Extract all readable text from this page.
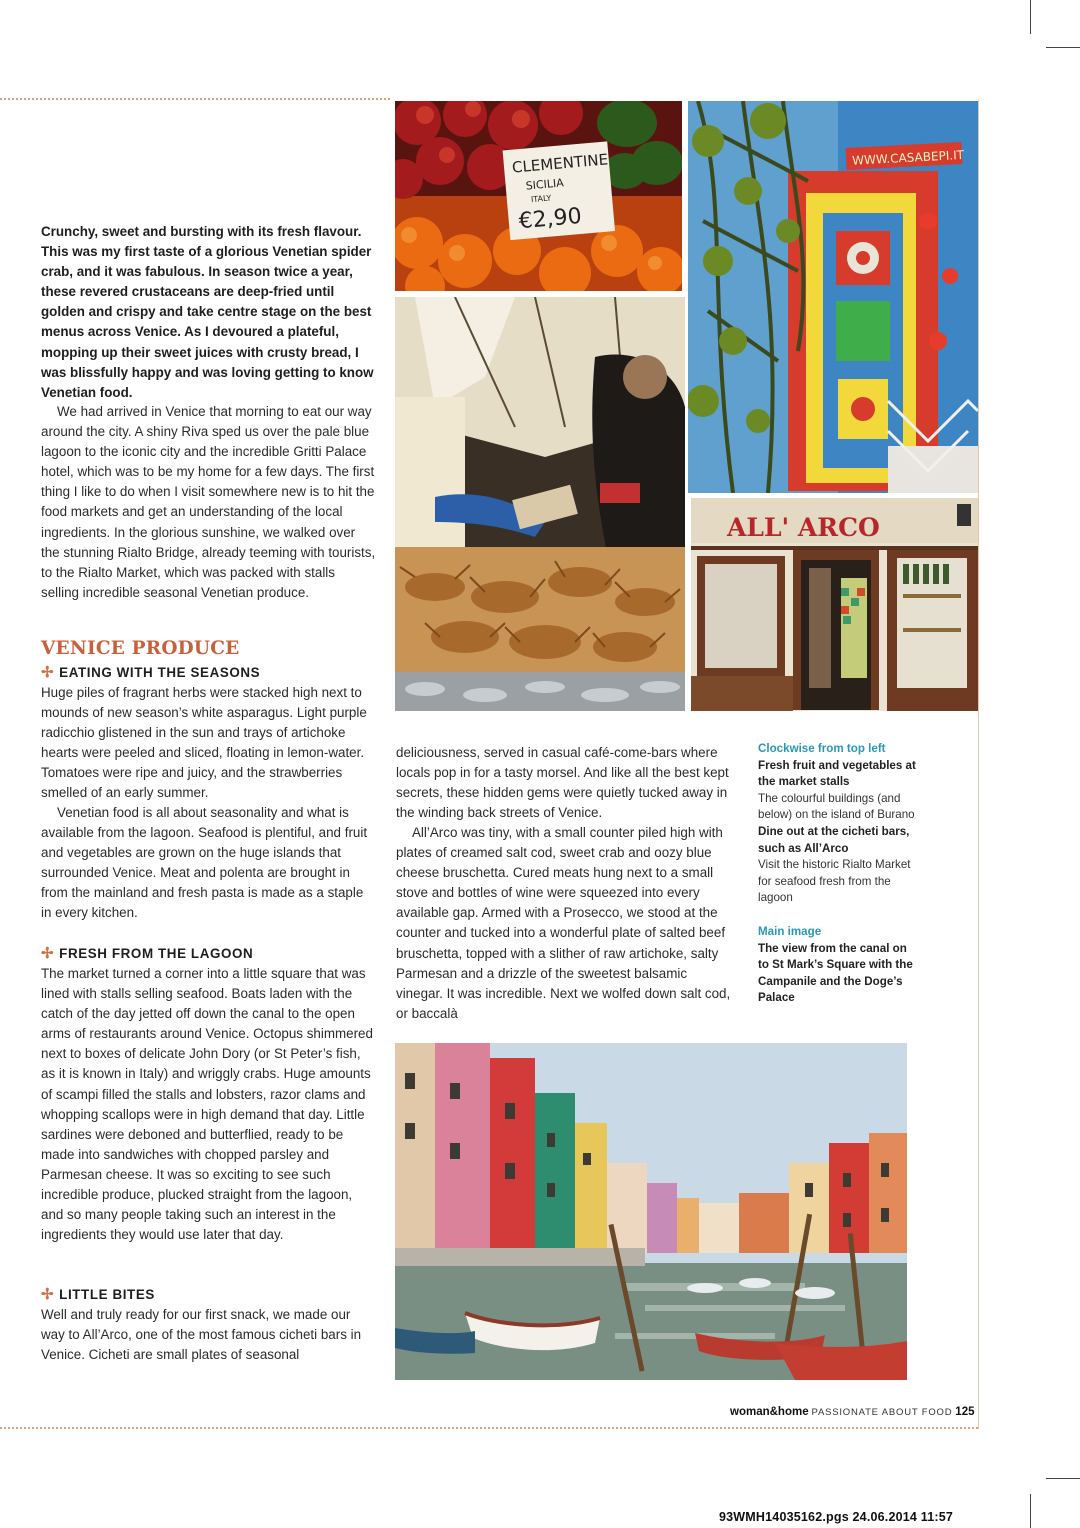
Crunchy, sweet and bursting with its fresh flavour. This was my first taste of a glorious Venetian spider crab, and it was fabulous. In season twice a year, these revered crustaceans are deep-fried until golden and crispy and take centre stage on the best menus across Venice. As I devoured a plateful, mopping up their sweet juices with crusty bread, I was blissfully happy and was loving getting to know Venetian food.

We had arrived in Venice that morning to eat our way around the city. A shiny Riva sped us over the pale blue lagoon to the iconic city and the incredible Gritti Palace hotel, which was to be my home for a few days. The first thing I like to do when I visit somewhere new is to hit the food markets and get an understanding of the local ingredients. In the glorious sunshine, we walked over the stunning Rialto Bridge, already teeming with tourists, to the Rialto Market, which was packed with stalls selling incredible seasonal Venetian produce.

VENICE PRODUCE
✢ EATING WITH THE SEASONS

Huge piles of fragrant herbs were stacked high next to mounds of new season’s white asparagus. Light purple radicchio glistened in the sun and trays of artichoke hearts were peeled and sliced, floating in lemon-water. Tomatoes were ripe and juicy, and the strawberries smelled of an early summer.

Venetian food is all about seasonality and what is available from the lagoon. Seafood is plentiful, and fruit and vegetables are grown on the huge islands that surrounded Venice. Meat and polenta are brought in from the mainland and fresh pasta is made as a staple in every kitchen.

✢ FRESH FROM THE LAGOON

The market turned a corner into a little square that was lined with stalls selling seafood. Boats laden with the catch of the day jetted off down the canal to the open arms of restaurants around Venice. Octopus shimmered next to boxes of delicate John Dory (or St Peter’s fish, as it is known in Italy) and wriggly crabs. Huge amounts of scampi filled the stalls and lobsters, razor clams and whopping scallops were in high demand that day. Little sardines were deboned and butterflied, ready to be made into sandwiches with chopped parsley and Parmesan cheese. It was so exciting to see such incredible produce, plucked straight from the lagoon, and so many people taking such an interest in the ingredients they would use later that day.

✢ LITTLE BITES

Well and truly ready for our first snack, we made our way to All’Arco, one of the most famous cicheti bars in Venice. Cicheti are small plates of seasonal

deliciousness, served in casual café-come-bars where locals pop in for a tasty morsel. And like all the best kept secrets, these hidden gems were quietly tucked away in the winding back streets of Venice.

All’Arco was tiny, with a small counter piled high with plates of creamed salt cod, sweet crab and oozy blue cheese bruschetta. Cured meats hung next to a small stove and bottles of wine were squeezed into every available gap. Armed with a Prosecco, we stood at the counter and tucked into a wonderful plate of salted beef bruschetta, topped with a slither of raw artichoke, salty Parmesan and a drizzle of the sweetest balsamic vinegar. It was incredible. Next we wolfed down salt cod, or baccalà

Clockwise from top left

Fresh fruit and vegetables at the market stalls

The colourful buildings (and below) on the island of Burano

Dine out at the cicheti bars, such as All’Arco

Visit the historic Rialto Market for seafood fresh from the lagoon

Main image

The view from the canal on to St Mark’s Square with the Campanile and the Doge’s Palace

CLEMENTINE
SICILIA
ITALY
€2,90
WWW.CASABEPI.IT
ALL' ARCO
woman&home PASSIONATE ABOUT FOOD 125
93WMH14035162.pgs 24.06.2014 11:57
